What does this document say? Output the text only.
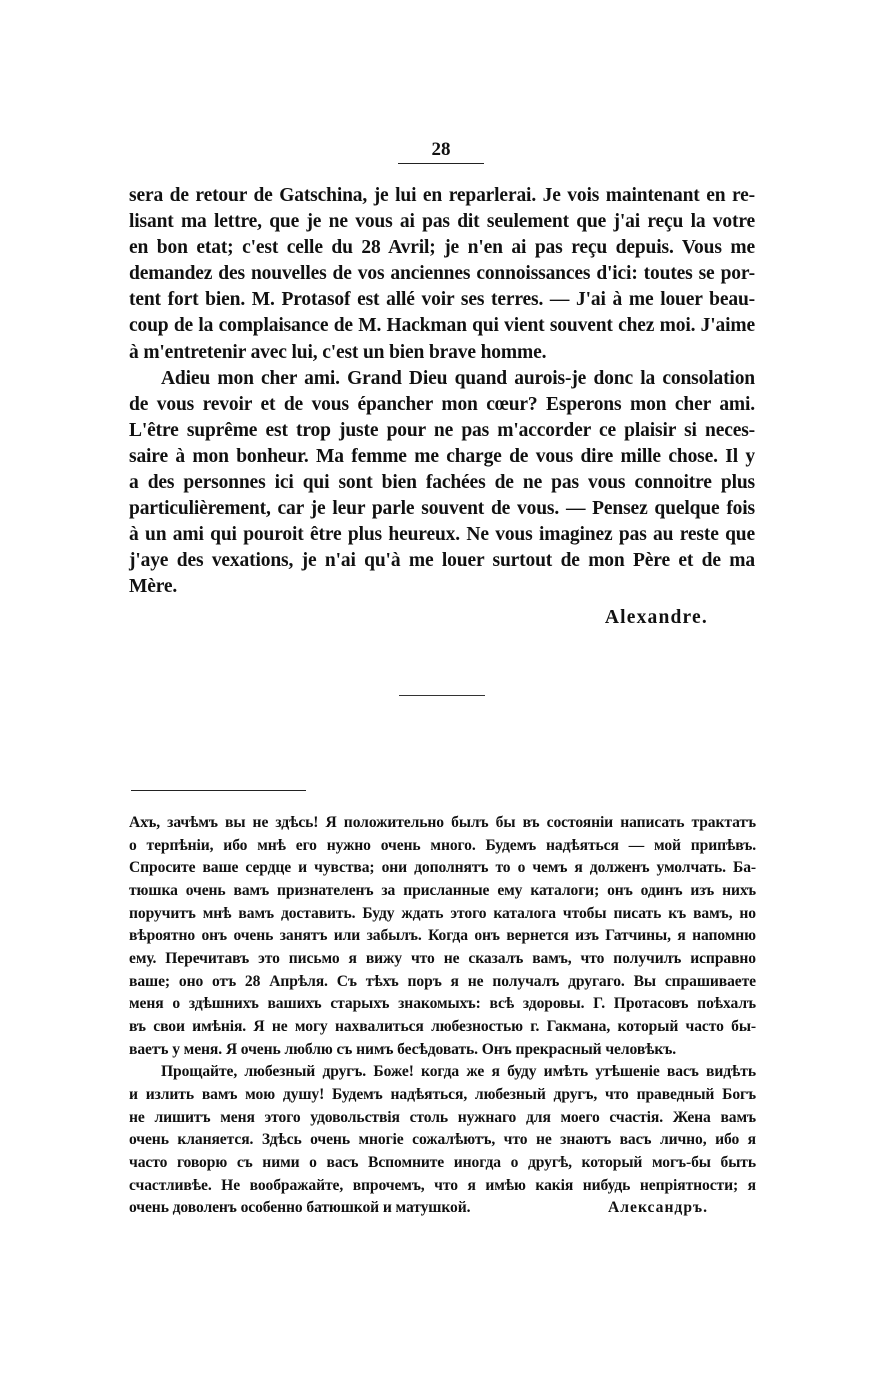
28
sera de retour de Gatschina, je lui en reparlerai. Je vois maintenant en re-
lisant ma lettre, que je ne vous ai pas dit seulement que j'ai reçu la votre
en bon etat; c'est celle du 28 Avril; je n'en ai pas reçu depuis. Vous me
demandez des nouvelles de vos anciennes connoissances d'ici: toutes se por-
tent fort bien. M. Protasof est allé voir ses terres. — J'ai à me louer beau-
coup de la complaisance de M. Hackman qui vient souvent chez moi. J'aime
à m'entretenir avec lui, c'est un bien brave homme.
Adieu mon cher ami. Grand Dieu quand aurois-je donc la consolation
de vous revoir et de vous épancher mon cœur? Esperons mon cher ami.
L'être suprême est trop juste pour ne pas m'accorder ce plaisir si neces-
saire à mon bonheur. Ma femme me charge de vous dire mille chose. Il y
a des personnes ici qui sont bien fachées de ne pas vous connoitre plus
particulièrement, car je leur parle souvent de vous. — Pensez quelque fois
à un ami qui pouroit être plus heureux. Ne vous imaginez pas au reste que
j'aye des vexations, je n'ai qu'à me louer surtout de mon Père et de ma
Mère.
Alexandre.
Ахъ, зачѣмъ вы не здѣсь! Я положительно былъ бы въ состоянiи написать трактатъ
о терпѣнiи, ибо мнѣ его нужно очень много. Будемъ надѣяться — мой припѣвъ.
Спросите ваше сердце и чувства; они дополнятъ то о чемъ я долженъ умолчать. Ба-
тюшка очень вамъ признателенъ за присланные ему каталоги; онъ одинъ изъ нихъ
поручитъ мнѣ вамъ доставить. Буду ждать этого каталога чтобы писать къ вамъ, но
вѣроятно онъ очень занятъ или забылъ. Когда онъ вернется изъ Гатчины, я напомню
ему. Перечитавъ это письмо я вижу что не сказалъ вамъ, что получилъ исправно
ваше; оно отъ 28 Апрѣля. Съ тѣхъ поръ я не получалъ другаго. Вы спрашиваете
меня о здѣшнихъ вашихъ старыхъ знакомыхъ: всѣ здоровы. Г. Протасовъ поѣхалъ
въ свои имѣнiя. Я не могу нахвалиться любезностью г. Гакмана, который часто бы-
ваетъ у меня. Я очень люблю съ нимъ бесѣдовать. Онъ прекрасный человѣкъ.
Прощайте, любезный другъ. Боже! когда же я буду имѣть утѣшенiе васъ видѣть
и излить вамъ мою душу! Будемъ надѣяться, любезный другъ, что праведный Богъ
не лишитъ меня этого удовольствiя столь нужнаго для моего счастiя. Жена вамъ
очень кланяется. Здѣсь очень многiе сожалѣютъ, что не знаютъ васъ лично, ибо я
часто говорю съ ними о васъ Вспомните иногда о другѣ, который могъ-бы быть
счастливѣе. Не воображайте, впрочемъ, что я имѣю какiя нибудь непрiятности; я
очень доволенъ особенно батюшкой и матушкой.	Александръ.
